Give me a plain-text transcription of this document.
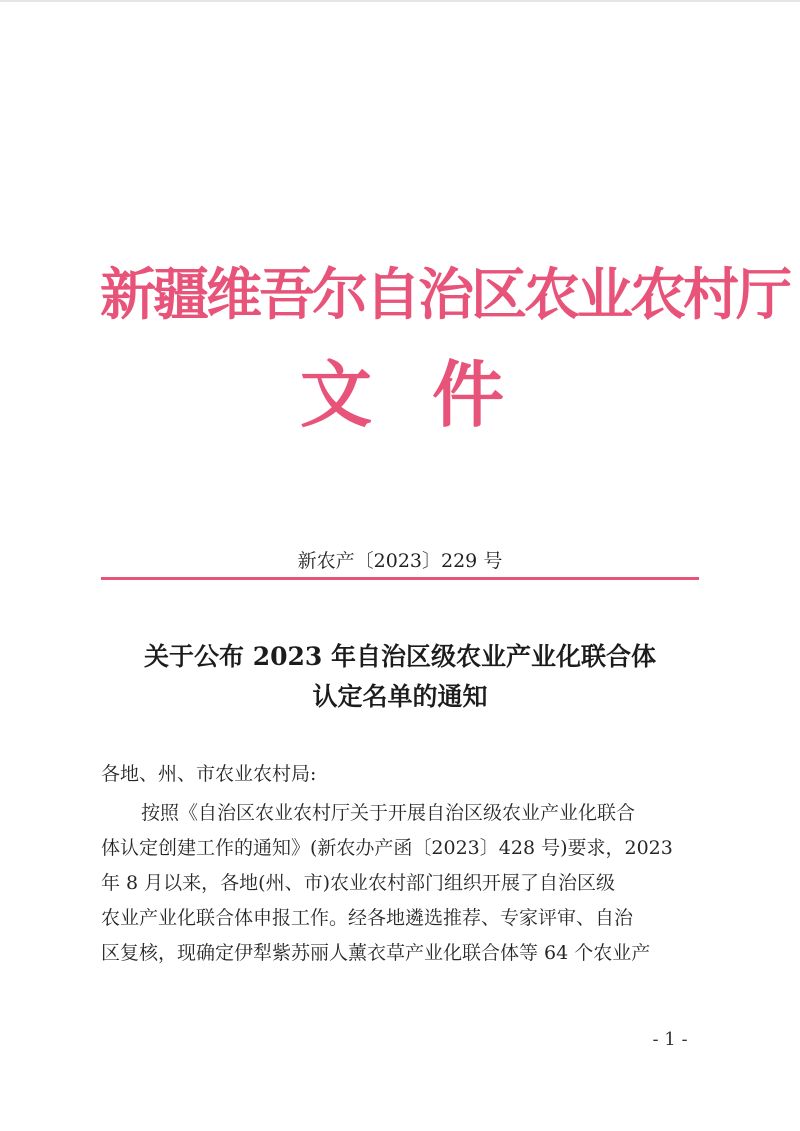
新疆维吾尔自治区农业农村厅
文件
新农产〔2023〕229 号
关于公布 2023 年自治区级农业产业化联合体
认定名单的通知
各地、州、市农业农村局:
按照《自治区农业农村厅关于开展自治区级农业产业化联合
体认定创建工作的通知》(新农办产函〔2023〕428 号)要求，2023
年 8 月以来，各地(州、市)农业农村部门组织开展了自治区级
农业产业化联合体申报工作。经各地遴选推荐、专家评审、自治
区复核，现确定伊犁紫苏丽人薰衣草产业化联合体等 64 个农业产
- 1 -
